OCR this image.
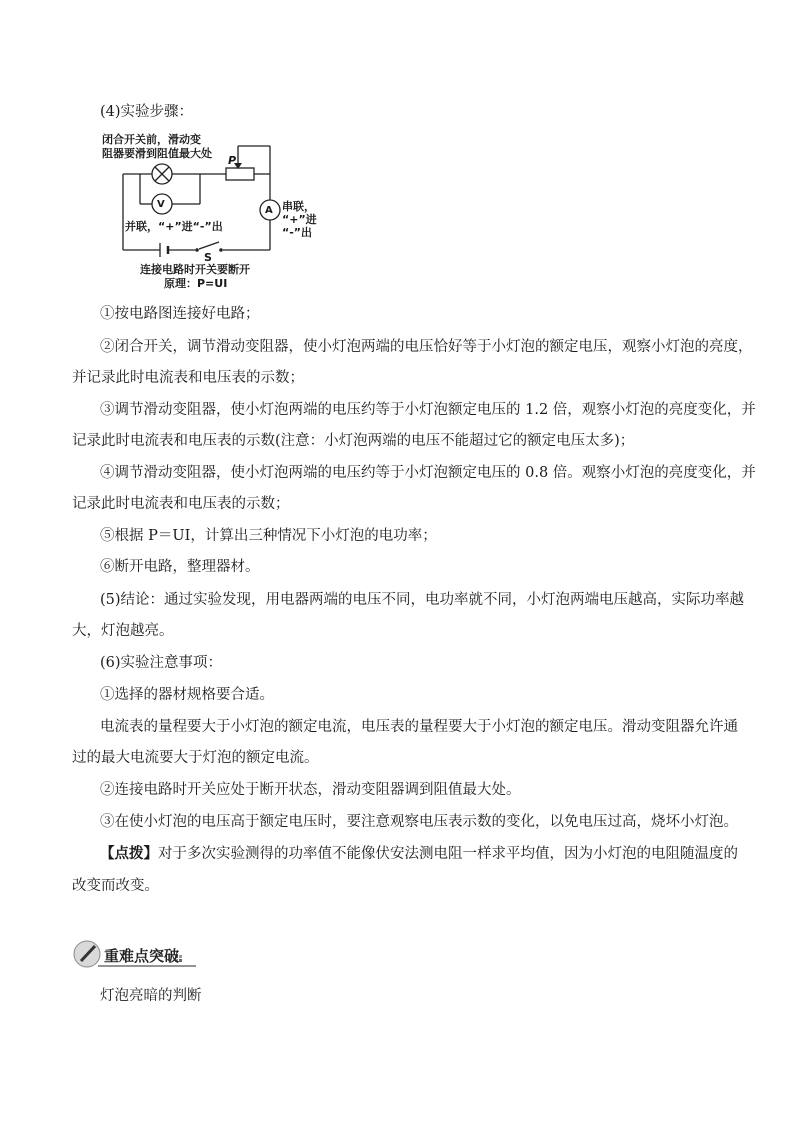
(4)实验步骤：
闭合开关前，滑动变
阻器要滑到阻值最大处
P
V
A 串联，
“+”进
“-”出
并联，“+”进“-”出
S
连接电路时开关要断开
原理：P=UI
①按电路图连接好电路；
②闭合开关，调节滑动变阻器，使小灯泡两端的电压恰好等于小灯泡的额定电压，观察小灯泡的亮度，
并记录此时电流表和电压表的示数；
③调节滑动变阻器，使小灯泡两端的电压约等于小灯泡额定电压的 1.2 倍，观察小灯泡的亮度变化，并
记录此时电流表和电压表的示数(注意：小灯泡两端的电压不能超过它的额定电压太多)；
④调节滑动变阻器，使小灯泡两端的电压约等于小灯泡额定电压的 0.8 倍。观察小灯泡的亮度变化，并
记录此时电流表和电压表的示数；
⑤根据 P＝UI，计算出三种情况下小灯泡的电功率；
⑥断开电路，整理器材。
(5)结论：通过实验发现，用电器两端的电压不同，电功率就不同，小灯泡两端电压越高，实际功率越
大，灯泡越亮。
(6)实验注意事项：
①选择的器材规格要合适。
电流表的量程要大于小灯泡的额定电流，电压表的量程要大于小灯泡的额定电压。滑动变阻器允许通
过的最大电流要大于灯泡的额定电流。
②连接电路时开关应处于断开状态，滑动变阻器调到阻值最大处。
③在使小灯泡的电压高于额定电压时，要注意观察电压表示数的变化，以免电压过高，烧坏小灯泡。
【点拨】对于多次实验测得的功率值不能像伏安法测电阻一样求平均值，因为小灯泡的电阻随温度的
改变而改变。
重难点突破
灯泡亮暗的判断
